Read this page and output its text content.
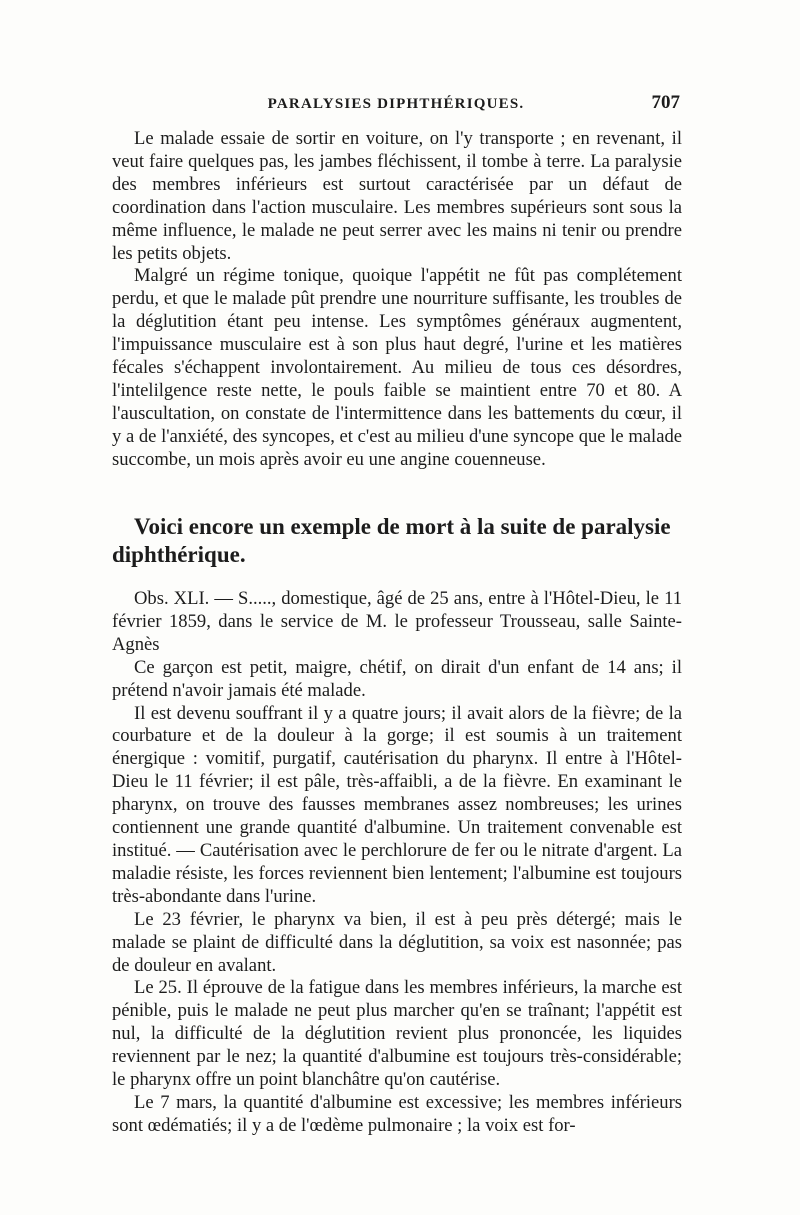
PARALYSIES DIPHTHÉRIQUES.	707

Le malade essaie de sortir en voiture, on l'y transporte ; en revenant, il veut faire quelques pas, les jambes fléchissent, il tombe à terre. La paralysie des membres inférieurs est surtout caractérisée par un défaut de coordination dans l'action musculaire. Les membres supérieurs sont sous la même influence, le malade ne peut serrer avec les mains ni tenir ou prendre les petits objets.

Malgré un régime tonique, quoique l'appétit ne fût pas complétement perdu, et que le malade pût prendre une nourriture suffisante, les troubles de la déglutition étant peu intense. Les symptômes généraux augmentent, l'impuissance musculaire est à son plus haut degré, l'urine et les matières fécales s'échappent involontairement. Au milieu de tous ces désordres, l'intelilgence reste nette, le pouls faible se maintient entre 70 et 80. A l'auscultation, on constate de l'intermittence dans les battements du cœur, il y a de l'anxiété, des syncopes, et c'est au milieu d'une syncope que le malade succombe, un mois après avoir eu une angine couenneuse.

Voici encore un exemple de mort à la suite de paralysie diphthérique.

Obs. XLI. — S....., domestique, âgé de 25 ans, entre à l'Hôtel-Dieu, le 11 février 1859, dans le service de M. le professeur Trousseau, salle Sainte-Agnès

Ce garçon est petit, maigre, chétif, on dirait d'un enfant de 14 ans; il prétend n'avoir jamais été malade.

Il est devenu souffrant il y a quatre jours; il avait alors de la fièvre; de la courbature et de la douleur à la gorge; il est soumis à un traitement énergique : vomitif, purgatif, cautérisation du pharynx. Il entre à l'Hôtel-Dieu le 11 février; il est pâle, très-affaibli, a de la fièvre. En examinant le pharynx, on trouve des fausses membranes assez nombreuses; les urines contiennent une grande quantité d'albumine. Un traitement convenable est institué. — Cautérisation avec le perchlorure de fer ou le nitrate d'argent. La maladie résiste, les forces reviennent bien lentement; l'albumine est toujours très-abondante dans l'urine.

Le 23 février, le pharynx va bien, il est à peu près détergé; mais le malade se plaint de difficulté dans la déglutition, sa voix est nasonnée; pas de douleur en avalant.

Le 25. Il éprouve de la fatigue dans les membres inférieurs, la marche est pénible, puis le malade ne peut plus marcher qu'en se traînant; l'appétit est nul, la difficulté de la déglutition revient plus prononcée, les liquides reviennent par le nez; la quantité d'albumine est toujours très-considérable; le pharynx offre un point blanchâtre qu'on cautérise.

Le 7 mars, la quantité d'albumine est excessive; les membres inférieurs sont œdématiés; il y a de l'œdème pulmonaire ; la voix est for-
